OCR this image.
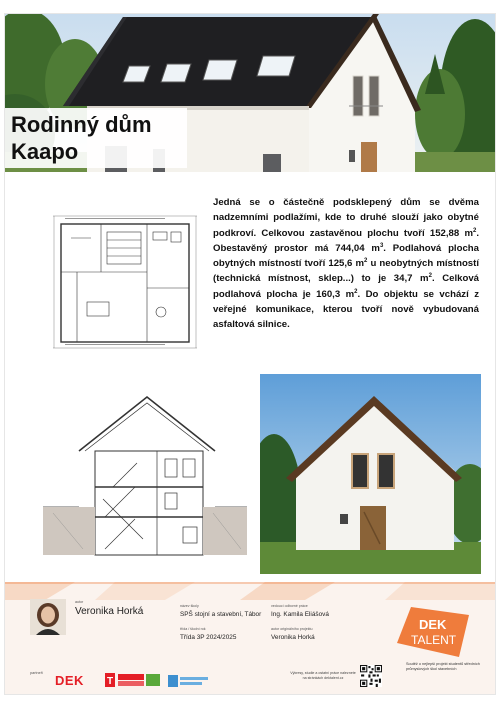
Rodinný dům
Kaapo
Jedná se o částečně podsklepený dům se dvěma nadzemními podlažími, kde to druhé slouží jako obytné podkroví. Celkovou zastavěnou plochu tvoří 152,88 $m^2$. Obestavěný prostor má 744,04 $m^3$. Podlahová plocha obytných místností tvoří 125,6 $m^2$ u neobytných místností (technická místnost, sklep...) to je 34,7 $m^2$. Celková podlahová plocha je 160,3 $m^2$. Do objektu se vchází z veřejné komunikace, kterou tvoří nově vybudovaná asfaltová silnice.
autor
Veronika Horká	název školy
SPŠ stojní a stavební, Tábor
vedoucí odborné práce
Ing. Kamila Eliášová
třída / školní rok
Třída 3P 2024/2025
autor originálního projektu
Veronika Horká
DEK
TALENT
Soutěž o nejlepší projekt studentů středních průmyslových škol stavebních
partneři DEK T
Výkresy, studie a ostatní práce naleznete na stránkách dektalent.cz
